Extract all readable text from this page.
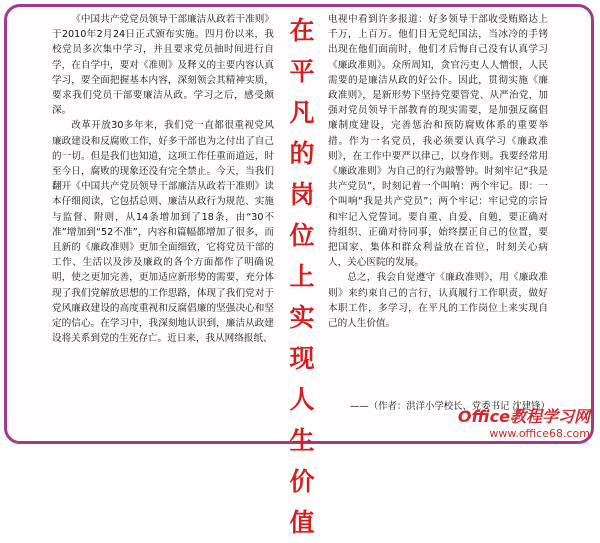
《中国共产党党员领导干部廉洁从政若干准则》于2010年2月24日正式颁布实施。四月份以来，我校党员多次集中学习，并且要求党员抽时间进行自学，在自学中，要对《准则》及释义的主要内容认真学习，要全面把握基本内容，深刻领会其精神实质，要求我们党员干部要廉洁从政。学习之后，感受颇深。

改革开放30多年来，我们党一直都很重视党风廉政建设和反腐败工作，好多干部也为之付出了自己的一切。但是我们也知道，这项工作任重而道远，时至今日，腐败的现象还没有完全禁止。今天，当我们翻开《中国共产党员领导干部廉洁从政若干准则》读本仔细阅读，它包括总则、廉洁从政行为规范、实施与监督、附则，从14条增加到了18条，由“30不准”增加到“52不准”，内容和篇幅都增加了很多，而且新的《廉政准则》更加全面细致，它将党员干部的工作、生活以及涉及廉政的各个方面都作了明确说明，使之更加完善，更加适应新形势的需要，充分体现了我们党解放思想的工作思路，体现了我们党对于党风廉政建设的高度重视和反腐倡廉的坚强决心和坚定的信心。在学习中，我深刻地认识到，廉洁从政建设将关系到党的生死存亡。近日来，我从网络报纸、

在
平
凡
的
岗
位
上
实
现
人
生
价
值

电视中看到许多报道：好多领导干部收受贿赂达上千万，上百万。他们目无党纪国法，当冰冷的手铐出现在他们面前时，他们才后悔自己没有认真学习《廉政准则》。众所周知，贪官污吏人人憎恨，人民需要的是廉洁从政的好公仆。因此，贯彻实施《廉政准则》，是新形势下坚持党要管党、从严治党，加强对党员领导干部教育的现实需要，是加强反腐倡廉制度建设，完善惩治和预防腐败体系的重要举措。作为一名党员，我必须要认真学习《廉政准则》，在工作中要严以律己，以身作则。我要经常用《廉政准则》为自己的行为敲警钟。时刻牢记“我是共产党员”，时刻记着一个叫响：两个牢记。即：一个叫响“我是共产党员”；两个牢记：牢记党的宗旨和牢记入党誓词。要自重、自爱、自勉，要正确对待组织、正确对待同事，始终摆正自己的位置，要把国家、集体和群众利益放在首位，时刻关心病人，关心医院的发展。

总之，我会自觉遵守《廉政准则》，用《廉政准则》来约束自己的言行，认真履行工作职责，做好本职工作，多学习，在平凡的工作岗位上来实现自己的人生价值。

——（作者：洪洋小学校长、党委书记 沈建锋）
Office教程学习网
www.office68.com
